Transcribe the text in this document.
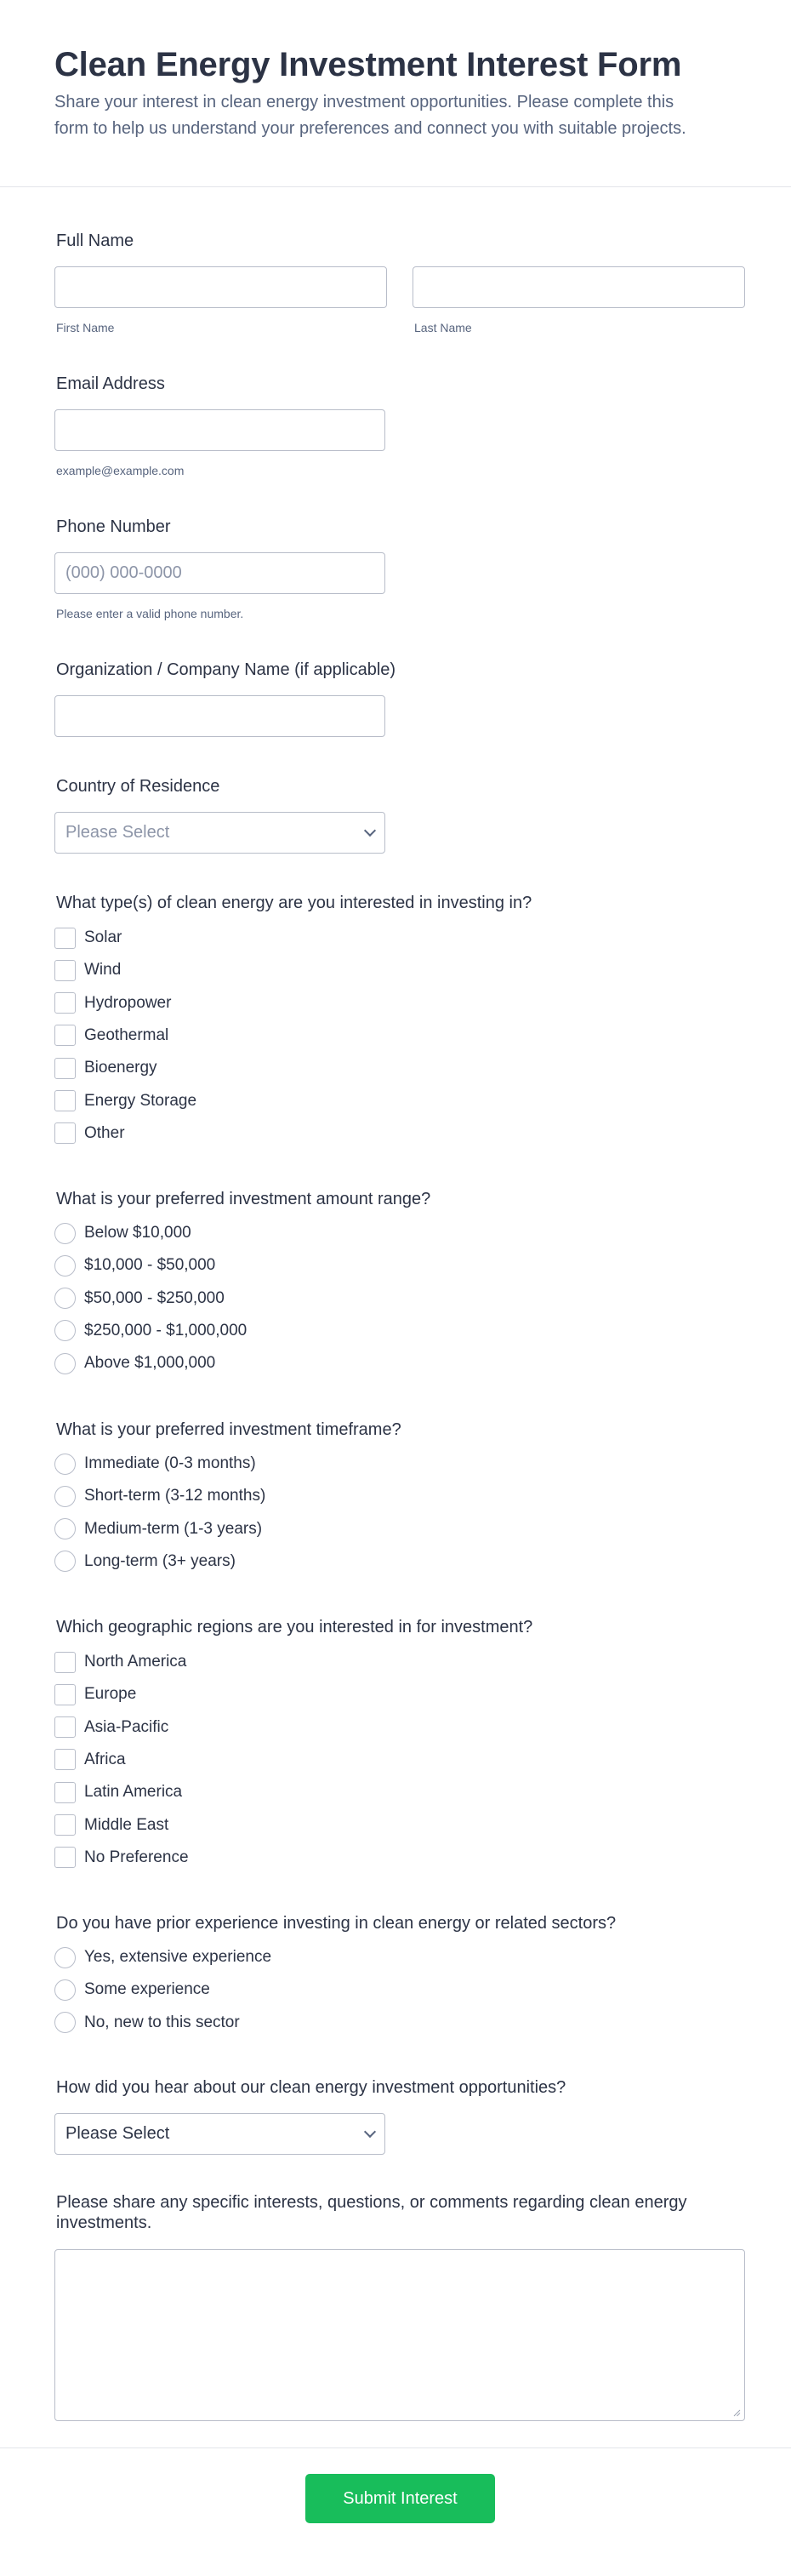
Clean Energy Investment Interest Form

Share your interest in clean energy investment opportunities. Please complete this
form to help us understand your preferences and connect you with suitable projects.

Full Name
First Name	Last Name
Email Address
example@example.com
Phone Number
(000) 000-0000
Please enter a valid phone number.
Organization / Company Name (if applicable)
Country of Residence
Please Select
What type(s) of clean energy are you interested in investing in?
Solar
Wind
Hydropower
Geothermal
Bioenergy
Energy Storage
Other
What is your preferred investment amount range?
Below $10,000
$10,000 - $50,000
$50,000 - $250,000
$250,000 - $1,000,000
Above $1,000,000
What is your preferred investment timeframe?
Immediate (0-3 months)
Short-term (3-12 months)
Medium-term (1-3 years)
Long-term (3+ years)
Which geographic regions are you interested in for investment?
North America
Europe
Asia-Pacific
Africa
Latin America
Middle East
No Preference
Do you have prior experience investing in clean energy or related sectors?
Yes, extensive experience
Some experience
No, new to this sector
How did you hear about our clean energy investment opportunities?
Please Select
Please share any specific interests, questions, or comments regarding clean energy
investments.
Submit Interest
